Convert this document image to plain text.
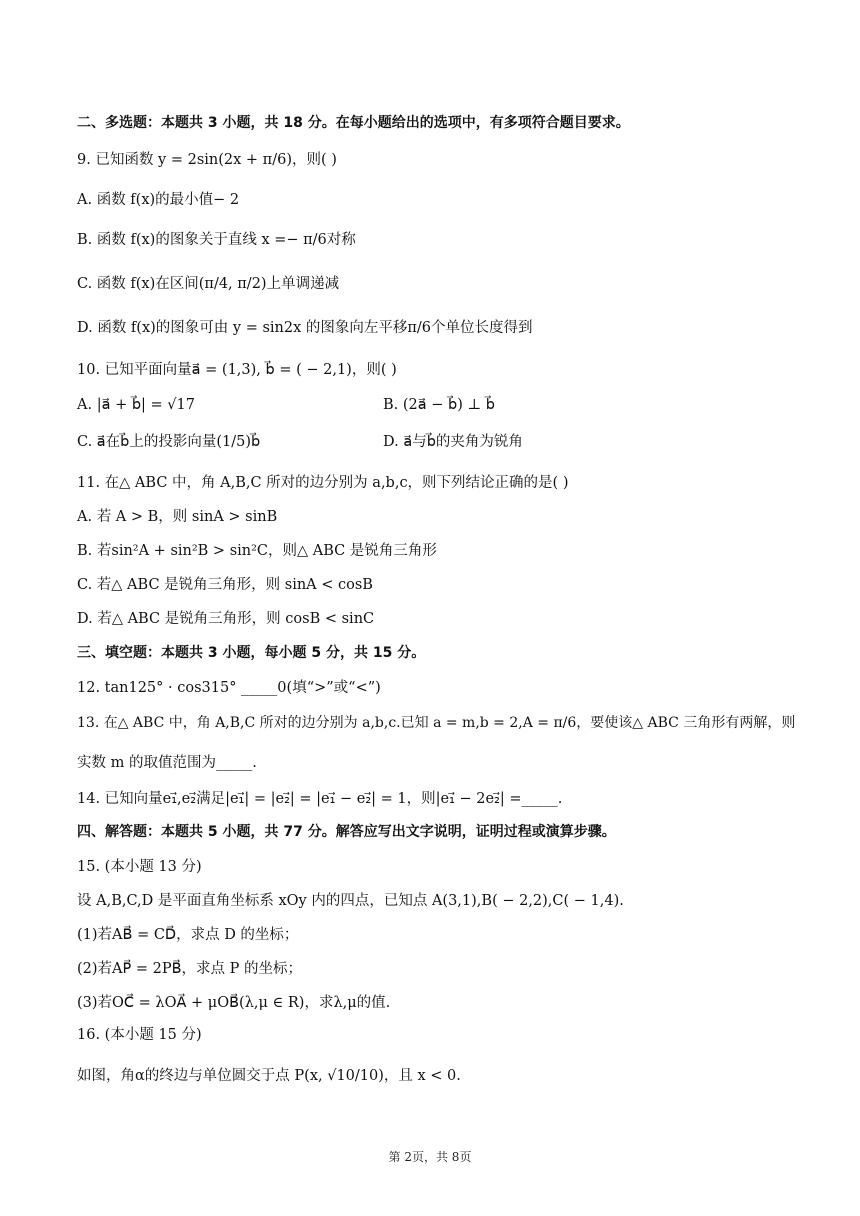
二、多选题：本题共 3 小题，共 18 分。在每小题给出的选项中，有多项符合题目要求。
9. 已知函数 y = 2sin(2x + π/6)，则( )
A. 函数 f(x)的最小值− 2
B. 函数 f(x)的图象关于直线 x =− π/6对称
C. 函数 f(x)在区间(π/4, π/2)上单调递减
D. 函数 f(x)的图象可由 y = sin2x 的图象向左平移π/6个单位长度得到
10. 已知平面向量a⃗ = (1,3), b⃗ = ( − 2,1)，则( )
A. |a⃗ + b⃗| = √17	B. (2a⃗ − b⃗) ⊥ b⃗
C. a⃗在b⃗上的投影向量(1/5)b⃗	D. a⃗与b⃗的夹角为锐角
11. 在△ ABC 中，角 A,B,C 所对的边分别为 a,b,c，则下列结论正确的是( )
A. 若 A > B，则 sinA > sinB
B. 若sin²A + sin²B > sin²C，则△ ABC 是锐角三角形
C. 若△ ABC 是锐角三角形，则 sinA < cosB
D. 若△ ABC 是锐角三角形，则 cosB < sinC
三、填空题：本题共 3 小题，每小题 5 分，共 15 分。
12. tan125° · cos315° _____0(填“>”或“<”)
13. 在△ ABC 中，角 A,B,C 所对的边分别为 a,b,c.已知 a = m,b = 2,A = π/6，要使该△ ABC 三角形有两解，则
实数 m 的取值范围为_____.
14. 已知向量e₁⃗,e₂⃗满足|e₁⃗| = |e₂⃗| = |e₁⃗ − e₂⃗| = 1，则|e₁⃗ − 2e₂⃗| =_____.
四、解答题：本题共 5 小题，共 77 分。解答应写出文字说明，证明过程或演算步骤。
15. (本小题 13 分)
设 A,B,C,D 是平面直角坐标系 xOy 内的四点，已知点 A(3,1),B( − 2,2),C( − 1,4).
(1)若AB⃗ = CD⃗，求点 D 的坐标；
(2)若AP⃗ = 2PB⃗，求点 P 的坐标；
(3)若OC⃗ = λOA⃗ + μOB⃗(λ,μ ∈ R)，求λ,μ的值.
16. (本小题 15 分)
如图，角α的终边与单位圆交于点 P(x, √10/10)，且 x < 0.
第 2页，共 8页
